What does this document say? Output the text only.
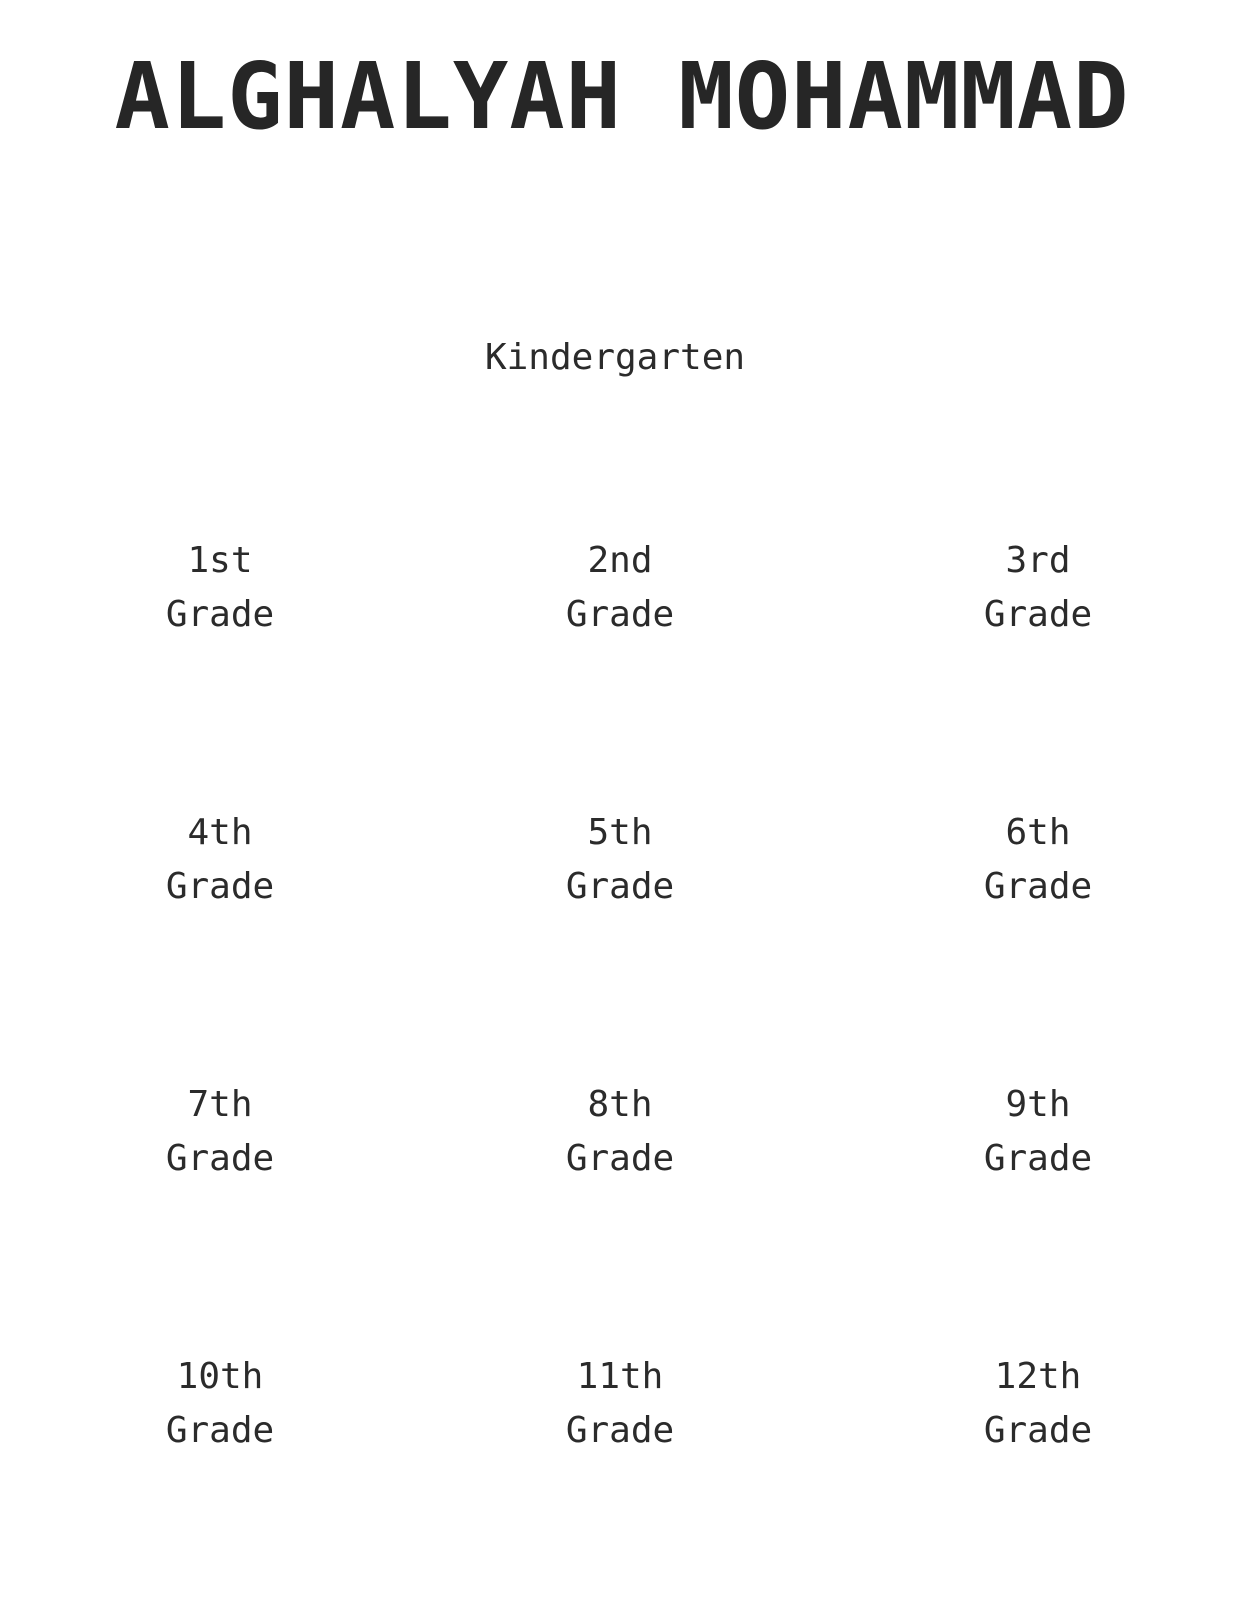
ALGHALYAH MOHAMMAD
Kindergarten
1st
Grade
2nd
Grade
3rd
Grade
4th
Grade
5th
Grade
6th
Grade
7th
Grade
8th
Grade
9th
Grade
10th
Grade
11th
Grade
12th
Grade
